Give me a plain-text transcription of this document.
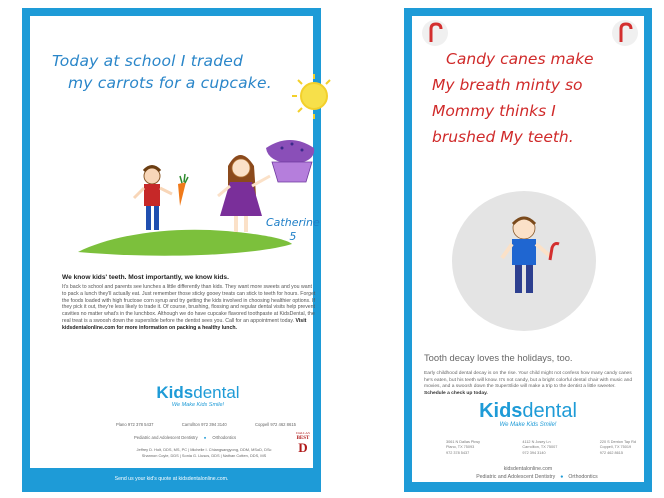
Today at school I traded
my carrots for a cupcake.
Catherine
5

We know kids' teeth. Most importantly, we know kids.

It's back to school and parents see lunches a little differently than kids. They want more sweets and you want to pack a lunch they'll actually eat. Just remember those sticky gooey treats can stick to teeth for hours. Forget the foods loaded with high fructose corn syrup and try getting the kids involved in choosing healthier options. If they pick it out, they're less likely to trade it. Of course, brushing, flossing and regular dental visits help prevent cavities no matter what's in the lunchbox. Although we do have cupcake flavored toothpaste at KidsDental, the real treat is a swoosh down the superslide before the dentist sees you. Call for an appointment today. Visit kidsdentalonline.com for more information on packing a healthy lunch.

Kidsdental
We Make Kids Smile!
Plano 972 378 5437	Carrollton 972 394 3140	Coppell 972 462 8615
Pediatric and Adolescent Dentistry ● Orthodontics
Jeffrey D. Holt, DDS, MS, PC | Michelle I. Chiangsangyong, DDM, MSoD, DSc
Shannon Coyle, DDS | Sonia G. Lluscs, DDS | Nathan Cotten, DDS, MS
DALLAS
BEST
D
Send us your kid's quote at kidsdentalonline.com.
Candy canes make
My breath minty so
Mommy thinks I
brushed My teeth.
Tooth decay loves the holidays, too.

Early childhood dental decay is on the rise. Your child might not confess how many candy canes he's eaten, but his teeth will know. It's not candy, but a bright colorful dental chair with music and movies, and a swoosh down the SuperSlide will make a trip to the dentist a little sweeter. Schedule a check up today.

Kidsdental
We Make Kids Smile!
3061 N Dallas Pkwy
Plano, TX 75093
972 378 5437
4112 N Josey Ln
Carrollton, TX 75007
972 394 3140
220 S Denton Tap Rd
Coppell, TX 75019
972 462 8615
kidsdentalonline.com
Pediatric and Adolescent Dentistry ● Orthodontics
